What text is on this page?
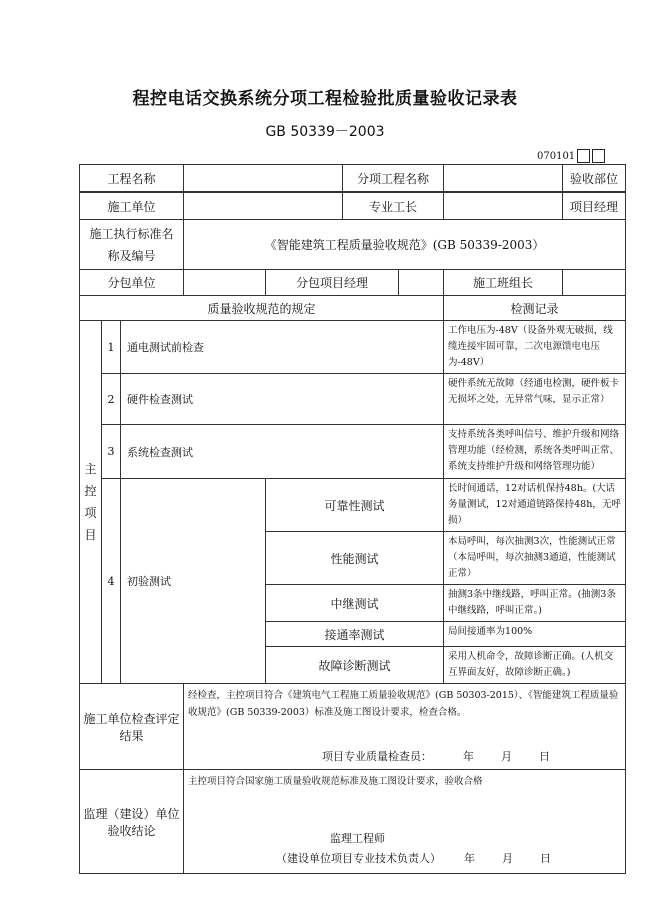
程控电话交换系统分项工程检验批质量验收记录表
GB 50339－2003
070101
工程名称					分项工程名称			验收部位

施工单位					专业工长			项目经理

施工执行标准名
称及编号			《智能建筑工程质量验收规范》(GB 50339-2003）					
分包单位				分包项目经理			施工班组长	
质量验收规范的规定							检测记录	

主
控
项
目	1	通电测试前检查					工作电压为-48V（设备外观无破损，线缆连接牢固可靠，二次电源馈电电压为-48V）	
	2	硬件检查测试					硬件系统无故障（经通电检测，硬件板卡无损坏之处，无异常气味，显示正常）	
	3	系统检查测试					支持系统各类呼叫信号、维护升级和网络管理功能（经检测，系统各类呼叫正常、系统支持维护升级和网络管理功能）	
	4	初验测试		可靠性测试			长时间通话，12对话机保持48h。(大话务量测试，12对通道链路保持48h，无呼损）	
				性能测试			本局呼叫，每次抽测3次，性能测试正常（本局呼叫，每次抽测3通道，性能测试正常）	
				中继测试			抽测3条中继线路，呼叫正常。(抽测3条中继线路，呼叫正常。)	
				接通率测试			局间接通率为100%	
				故障诊断测试			采用人机命令，故障诊断正确。(人机交互界面友好，故障诊断正确。)	
施工单位检查评定结果			经检查，主控项目符合《建筑电气工程施工质量验收规范》(GB 50303-2015）、《智能建筑工程质量验收规范》(GB 50339-2003）标准及施工图设计要求，检查合格。
项目专业质量检查员： 年 月 日					

监理（建设）单位验收结论			主控项目符合国家施工质量验收规范标准及施工图设计要求，验收合格
监理工程师
（建设单位项目专业技术负责人） 年 月 日					
